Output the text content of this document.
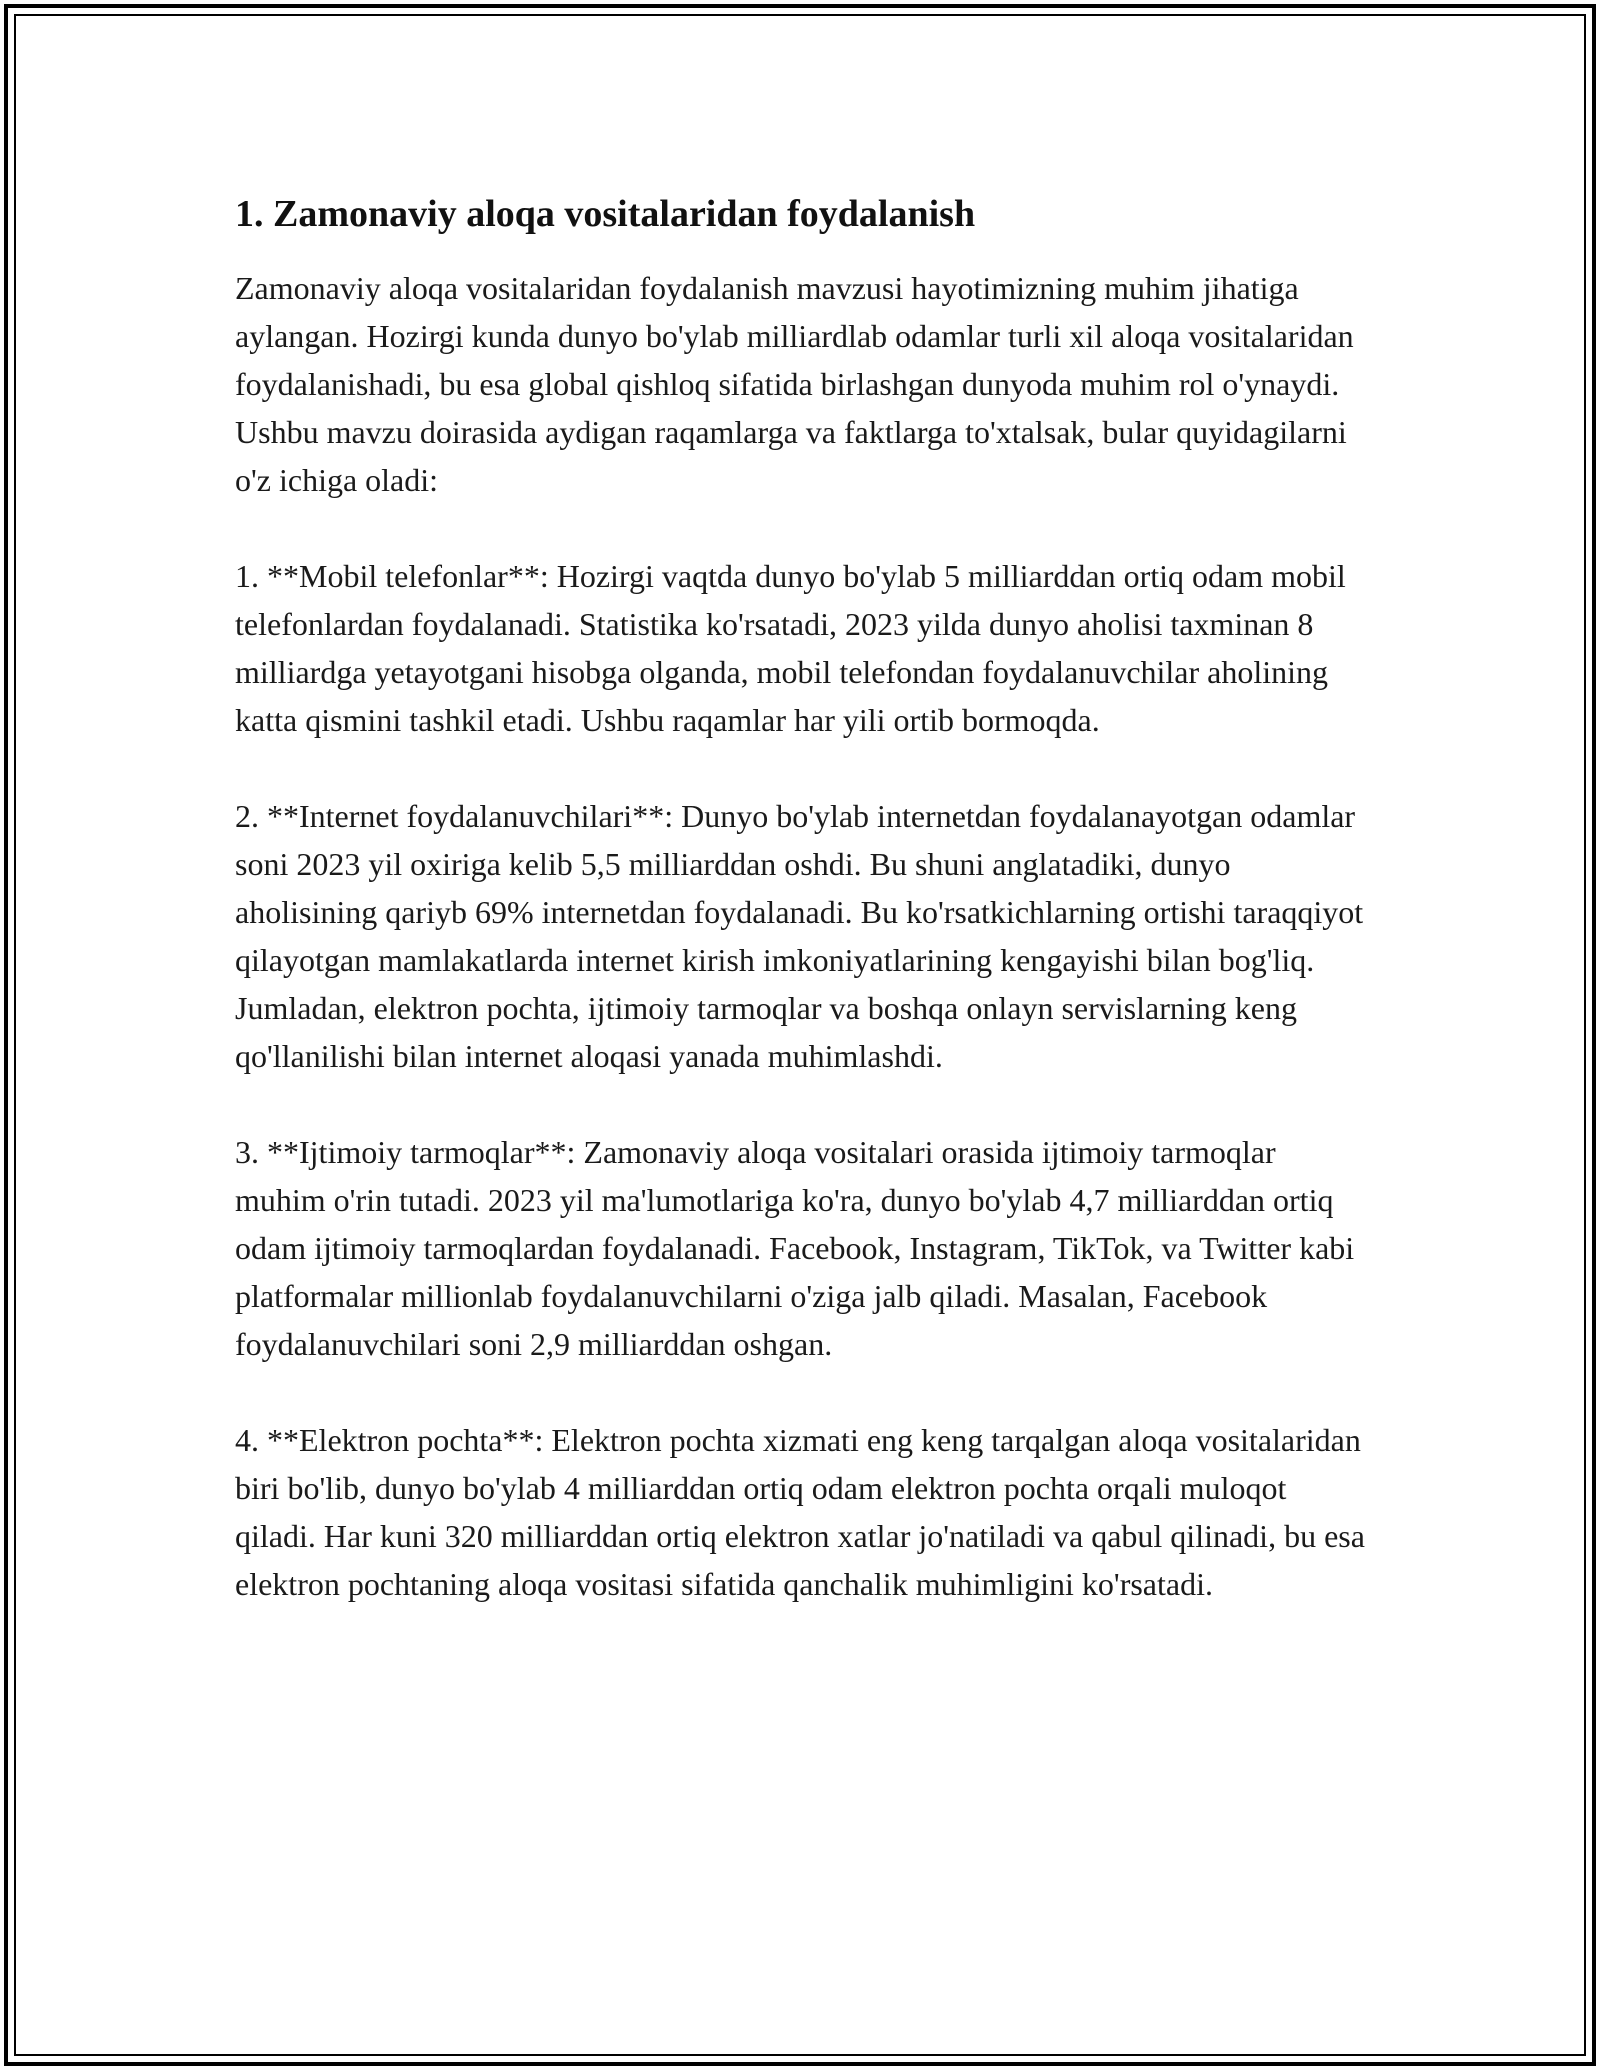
1. Zamonaviy aloqa vositalaridan foydalanish

Zamonaviy aloqa vositalaridan foydalanish mavzusi hayotimizning muhim jihatiga aylangan. Hozirgi kunda dunyo bo'ylab milliardlab odamlar turli xil aloqa vositalaridan foydalanishadi, bu esa global qishloq sifatida birlashgan dunyoda muhim rol o'ynaydi. Ushbu mavzu doirasida aydigan raqamlarga va faktlarga to'xtalsak, bular quyidagilarni o'z ichiga oladi:

1. **Mobil telefonlar**: Hozirgi vaqtda dunyo bo'ylab 5 milliarddan ortiq odam mobil telefonlardan foydalanadi. Statistika ko'rsatadi, 2023 yilda dunyo aholisi taxminan 8 milliardga yetayotgani hisobga olganda, mobil telefondan foydalanuvchilar aholining katta qismini tashkil etadi. Ushbu raqamlar har yili ortib bormoqda.

2. **Internet foydalanuvchilari**: Dunyo bo'ylab internetdan foydalanayotgan odamlar soni 2023 yil oxiriga kelib 5,5 milliarddan oshdi. Bu shuni anglatadiki, dunyo aholisining qariyb 69% internetdan foydalanadi. Bu ko'rsatkichlarning ortishi taraqqiyot qilayotgan mamlakatlarda internet kirish imkoniyatlarining kengayishi bilan bog'liq. Jumladan, elektron pochta, ijtimoiy tarmoqlar va boshqa onlayn servislarning keng qo'llanilishi bilan internet aloqasi yanada muhimlashdi.

3. **Ijtimoiy tarmoqlar**: Zamonaviy aloqa vositalari orasida ijtimoiy tarmoqlar muhim o'rin tutadi. 2023 yil ma'lumotlariga ko'ra, dunyo bo'ylab 4,7 milliarddan ortiq odam ijtimoiy tarmoqlardan foydalanadi. Facebook, Instagram, TikTok, va Twitter kabi platformalar millionlab foydalanuvchilarni o'ziga jalb qiladi. Masalan, Facebook foydalanuvchilari soni 2,9 milliarddan oshgan.

4. **Elektron pochta**: Elektron pochta xizmati eng keng tarqalgan aloqa vositalaridan biri bo'lib, dunyo bo'ylab 4 milliarddan ortiq odam elektron pochta orqali muloqot qiladi. Har kuni 320 milliarddan ortiq elektron xatlar jo'natiladi va qabul qilinadi, bu esa elektron pochtaning aloqa vositasi sifatida qanchalik muhimligini ko'rsatadi.
